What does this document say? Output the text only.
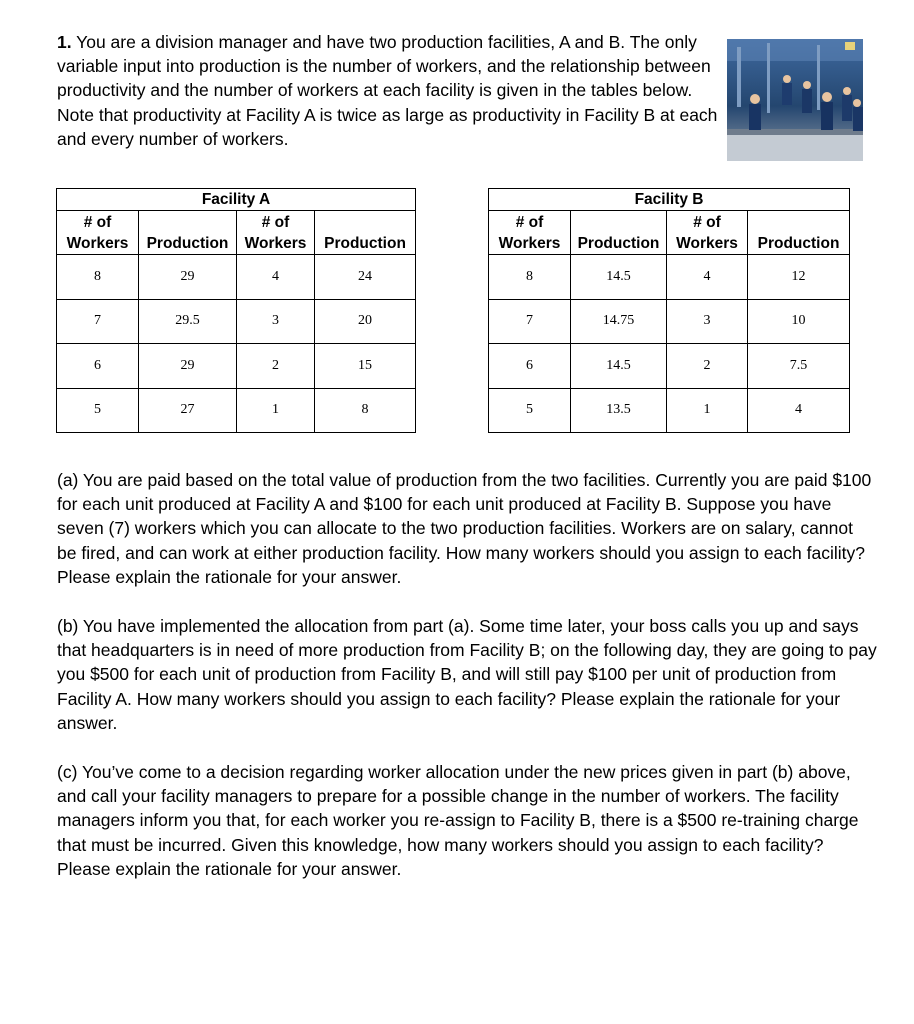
1. You are a division manager and have two production facilities, A and B. The only variable input into production is the number of workers, and the relationship between productivity and the number of workers at each facility is given in the tables below. Note that productivity at Facility A is twice as large as productivity in Facility B at each and every number of workers.
Facility A			
# of		# of	
Workers	Production	Workers	Production
8	29	4	24
7	29.5	3	20
6	29	2	15
5	27	1	8
Facility B			
# of		# of	
Workers	Production	Workers	Production
8	14.5	4	12
7	14.75	3	10
6	14.5	2	7.5
5	13.5	1	4

(a) You are paid based on the total value of production from the two facilities. Currently you are paid $100 for each unit produced at Facility A and $100 for each unit produced at Facility B. Suppose you have seven (7) workers which you can allocate to the two production facilities. Workers are on salary, cannot be fired, and can work at either production facility. How many workers should you assign to each facility? Please explain the rationale for your answer.

(b) You have implemented the allocation from part (a). Some time later, your boss calls you up and says that headquarters is in need of more production from Facility B; on the following day, they are going to pay you $500 for each unit of production from Facility B, and will still pay $100 per unit of production from Facility A. How many workers should you assign to each facility? Please explain the rationale for your answer.

(c) You’ve come to a decision regarding worker allocation under the new prices given in part (b) above, and call your facility managers to prepare for a possible change in the number of workers. The facility managers inform you that, for each worker you re-assign to Facility B, there is a $500 re-training charge that must be incurred. Given this knowledge, how many workers should you assign to each facility? Please explain the rationale for your answer.
